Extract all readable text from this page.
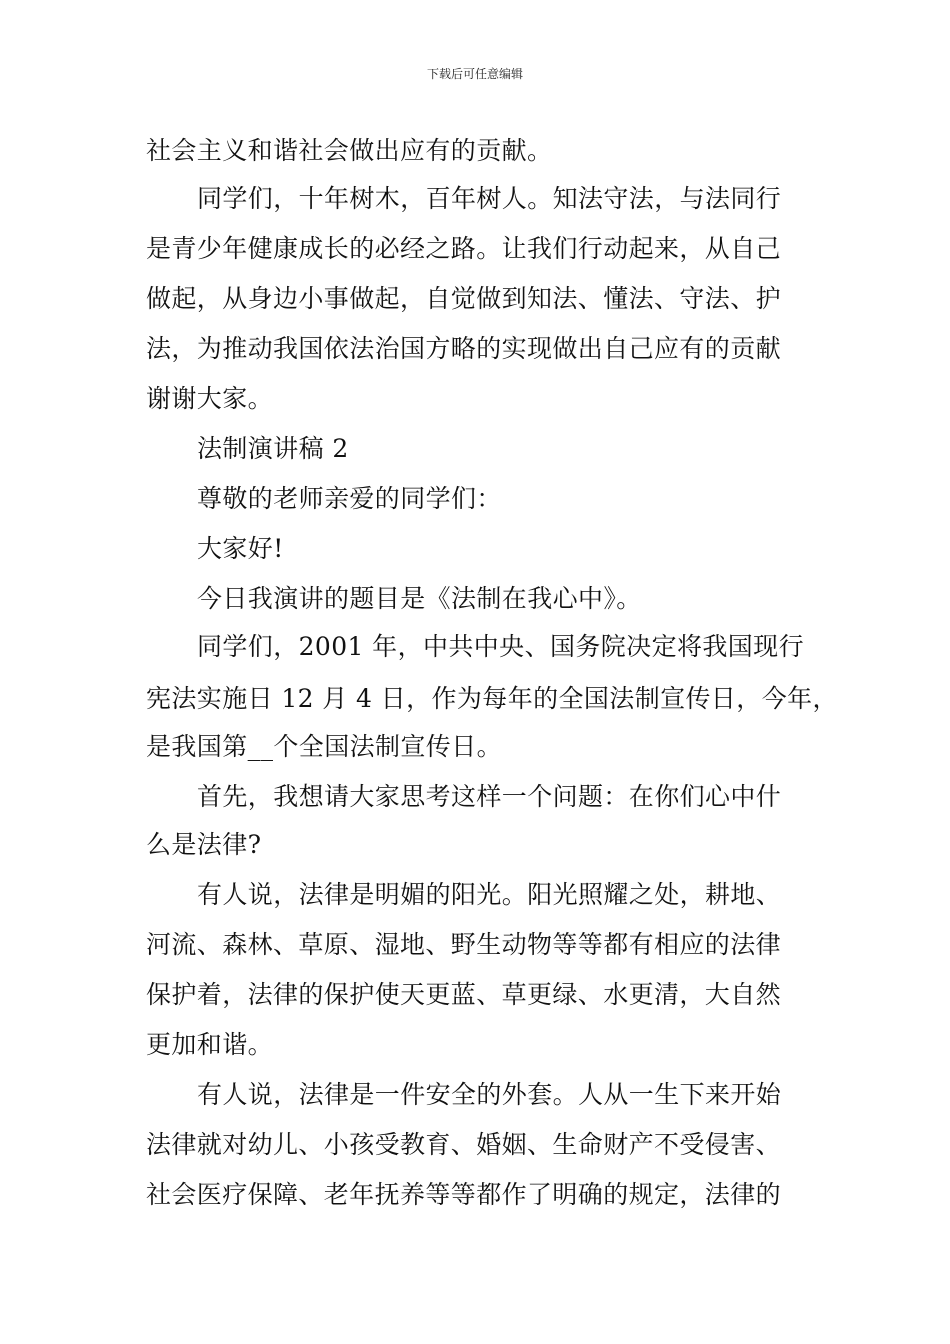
下载后可任意编辑
社会主义和谐社会做出应有的贡献。
同学们，十年树木，百年树人。知法守法，与法同行
是青少年健康成长的必经之路。让我们行动起来，从自己
做起，从身边小事做起，自觉做到知法、懂法、守法、护
法，为推动我国依法治国方略的实现做出自己应有的贡献
谢谢大家。
法制演讲稿 2
尊敬的老师亲爱的同学们：
大家好!
今日我演讲的题目是《法制在我心中》。
同学们，2001 年，中共中央、国务院决定将我国现行
宪法实施日 12 月 4 日，作为每年的全国法制宣传日，今年，
是我国第__个全国法制宣传日。
首先，我想请大家思考这样一个问题：在你们心中什
么是法律?
有人说，法律是明媚的阳光。阳光照耀之处，耕地、
河流、森林、草原、湿地、野生动物等等都有相应的法律
保护着，法律的保护使天更蓝、草更绿、水更清，大自然
更加和谐。
有人说，法律是一件安全的外套。人从一生下来开始
法律就对幼儿、小孩受教育、婚姻、生命财产不受侵害、
社会医疗保障、老年抚养等等都作了明确的规定，法律的
